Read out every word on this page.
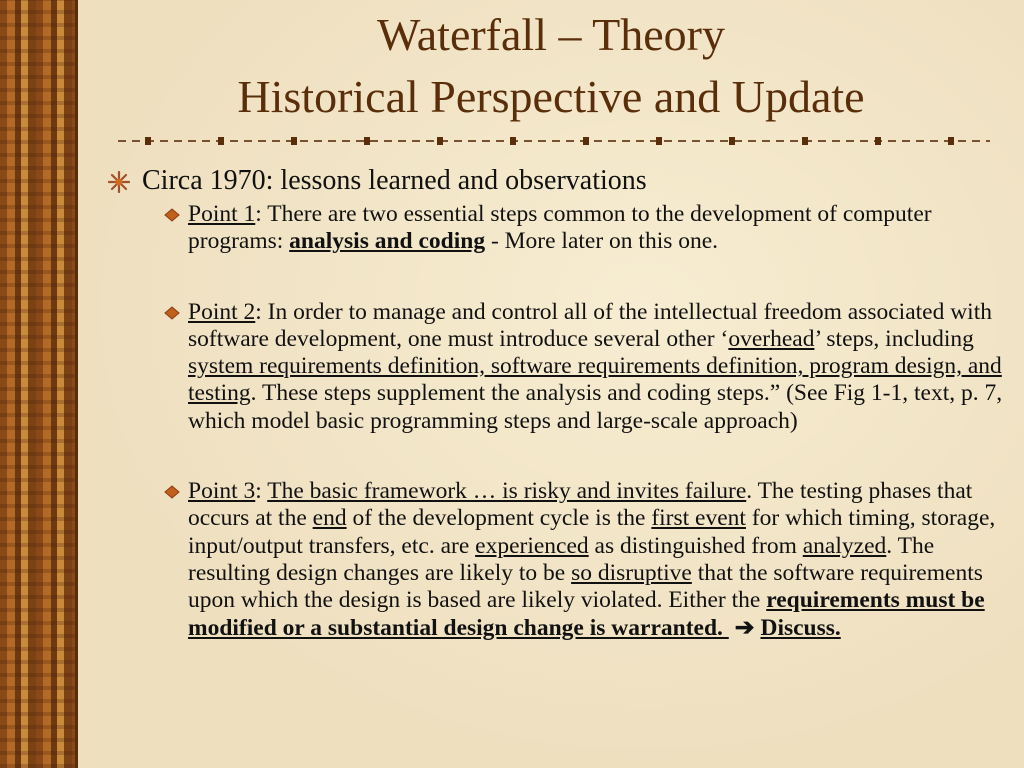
Waterfall – Theory
Historical Perspective and Update
Circa 1970: lessons learned and observations
Point 1: There are two essential steps common to the development of computer programs: analysis and coding - More later on this one.
Point 2: In order to manage and control all of the intellectual freedom associated with software development, one must introduce several other ‘overhead’ steps, including system requirements definition, software requirements definition, program design, and testing. These steps supplement the analysis and coding steps.” (See Fig 1-1, text, p. 7, which model basic programming steps and large-scale approach)
Point 3: The basic framework … is risky and invites failure. The testing phases that occurs at the end of the development cycle is the first event for which timing, storage, input/output transfers, etc. are experienced as distinguished from analyzed. The resulting design changes are likely to be so disruptive that the software requirements upon which the design is based are likely violated. Either the requirements must be modified or a substantial design change is warranted. ➔ Discuss.
